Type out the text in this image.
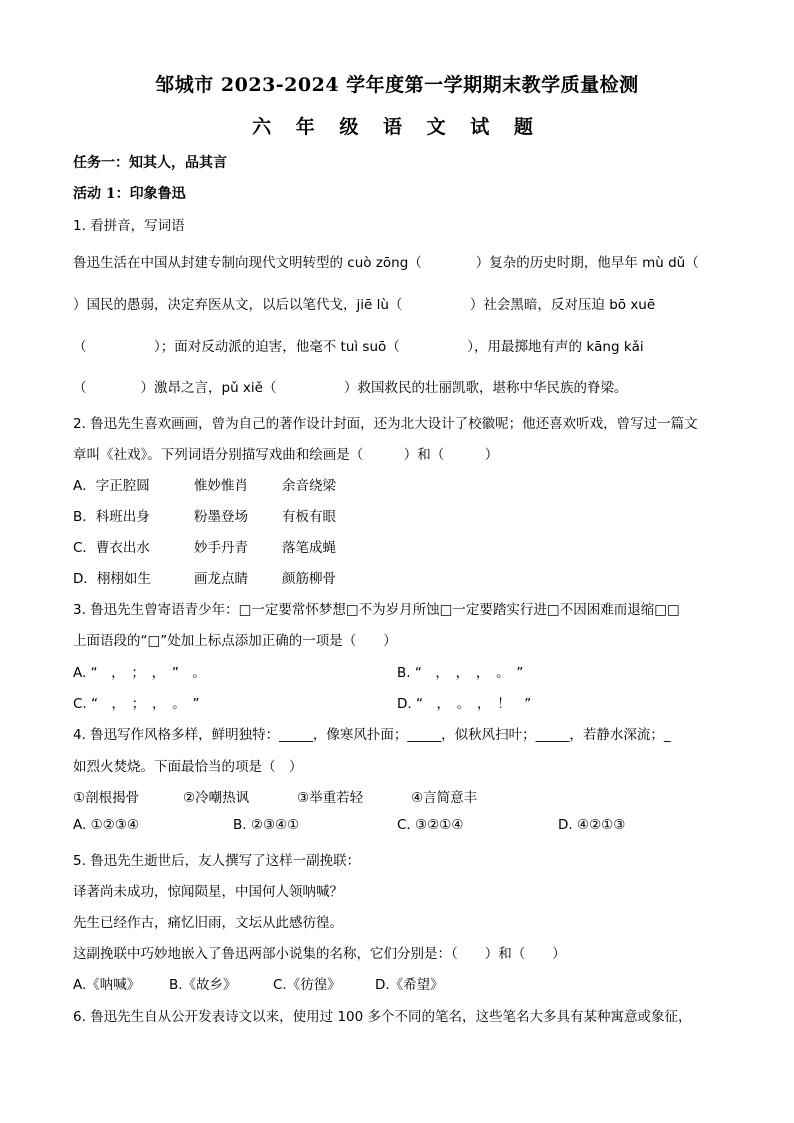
邹城市 2023-2024 学年度第一学期期末教学质量检测
六 年 级 语 文 试 题
任务一：知其人，品其言
活动 1：印象鲁迅
1. 看拼音，写词语
鲁迅生活在中国从封建专制向现代文明转型的 cuò zōng（　　　　）复杂的历史时期，他早年 mù dǔ（
）国民的愚弱，决定弃医从文，以后以笔代戈，jiē lù（　　　　　）社会黑暗，反对压迫 bō xuē
（　　　　　）；面对反动派的迫害，他毫不 tuì suō（　　　　　），用最掷地有声的 kāng kǎi
（　　　　）激昂之言，pǔ xiě（　　　　　）救国救民的壮丽凯歌，堪称中华民族的脊梁。
2. 鲁迅先生喜欢画画，曾为自己的著作设计封面，还为北大设计了校徽呢；他还喜欢听戏，曾写过一篇文
章叫《社戏》。下列词语分别描写戏曲和绘画是（　　　）和（　　　）
A．字正腔圆	惟妙惟肖	余音绕梁
B．科班出身	粉墨登场	有板有眼
C．曹衣出水	妙手丹青	落笔成蝇
D．栩栩如生	画龙点睛	颜筋柳骨
3. 鲁迅先生曾寄语青少年：□一定要常怀梦想□不为岁月所蚀□一定要踏实行进□不因困难而退缩□□
上面语段的“□”处加上标点添加正确的一项是（　　）
A. “　，　；　，　”　。	B. “　，　，　，　。　”
C. “　，　；　，　。　”	D. “　，　。　，　！　”
4. 鲁迅写作风格多样，鲜明独特：_____，像寒风扑面；_____，似秋风扫叶；_____，若静水深流；_
如烈火焚烧。下面最恰当的项是（　）
①剖根揭骨	②冷嘲热讽	③举重若轻	④言简意丰
A. ①②③④	B. ②③④①	C. ③②①④	D. ④②①③
5. 鲁迅先生逝世后，友人撰写了这样一副挽联：
译著尚未成功，惊闻陨星，中国何人领呐喊？
先生已经作古，痛忆旧雨，文坛从此感彷徨。
这副挽联中巧妙地嵌入了鲁迅两部小说集的名称，它们分别是：（　　）和（　　）
A.《呐喊》 B.《故乡》	C.《彷徨》	D.《希望》
6. 鲁迅先生自从公开发表诗文以来，使用过 100 多个不同的笔名，这些笔名大多具有某种寓意或象征，
